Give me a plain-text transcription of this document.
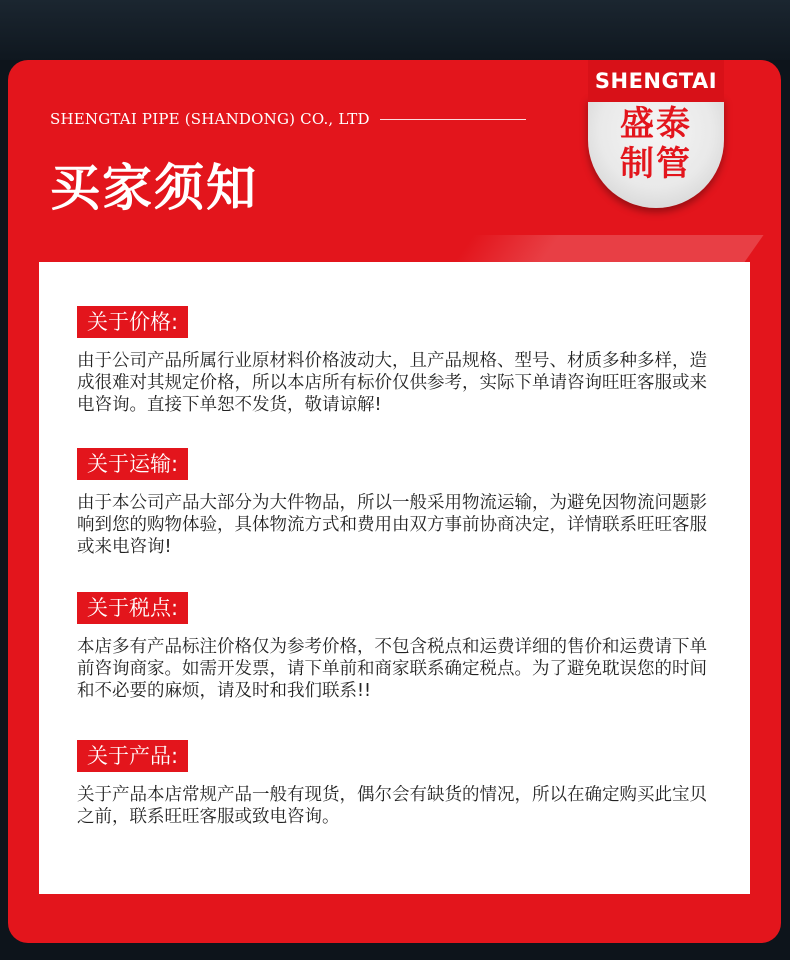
SHENGTAI PIPE (SHANDONG) CO., LTD
买家须知
SHENGTAI
盛泰
制管
关于价格:
由于公司产品所属行业原材料价格波动大，且产品规格、型号、材质多种多样，造成很难对其规定价格，所以本店所有标价仅供参考，实际下单请咨询旺旺客服或来电咨询。直接下单恕不发货，敬请谅解!
关于运输:
由于本公司产品大部分为大件物品，所以一般采用物流运输，为避免因物流问题影响到您的购物体验，具体物流方式和费用由双方事前协商决定，详情联系旺旺客服或来电咨询!
关于税点:
本店多有产品标注价格仅为参考价格，不包含税点和运费详细的售价和运费请下单前咨询商家。如需开发票，请下单前和商家联系确定税点。为了避免耽误您的时间和不必要的麻烦，请及时和我们联系!!
关于产品:
关于产品本店常规产品一般有现货，偶尔会有缺货的情况，所以在确定购买此宝贝之前，联系旺旺客服或致电咨询。
